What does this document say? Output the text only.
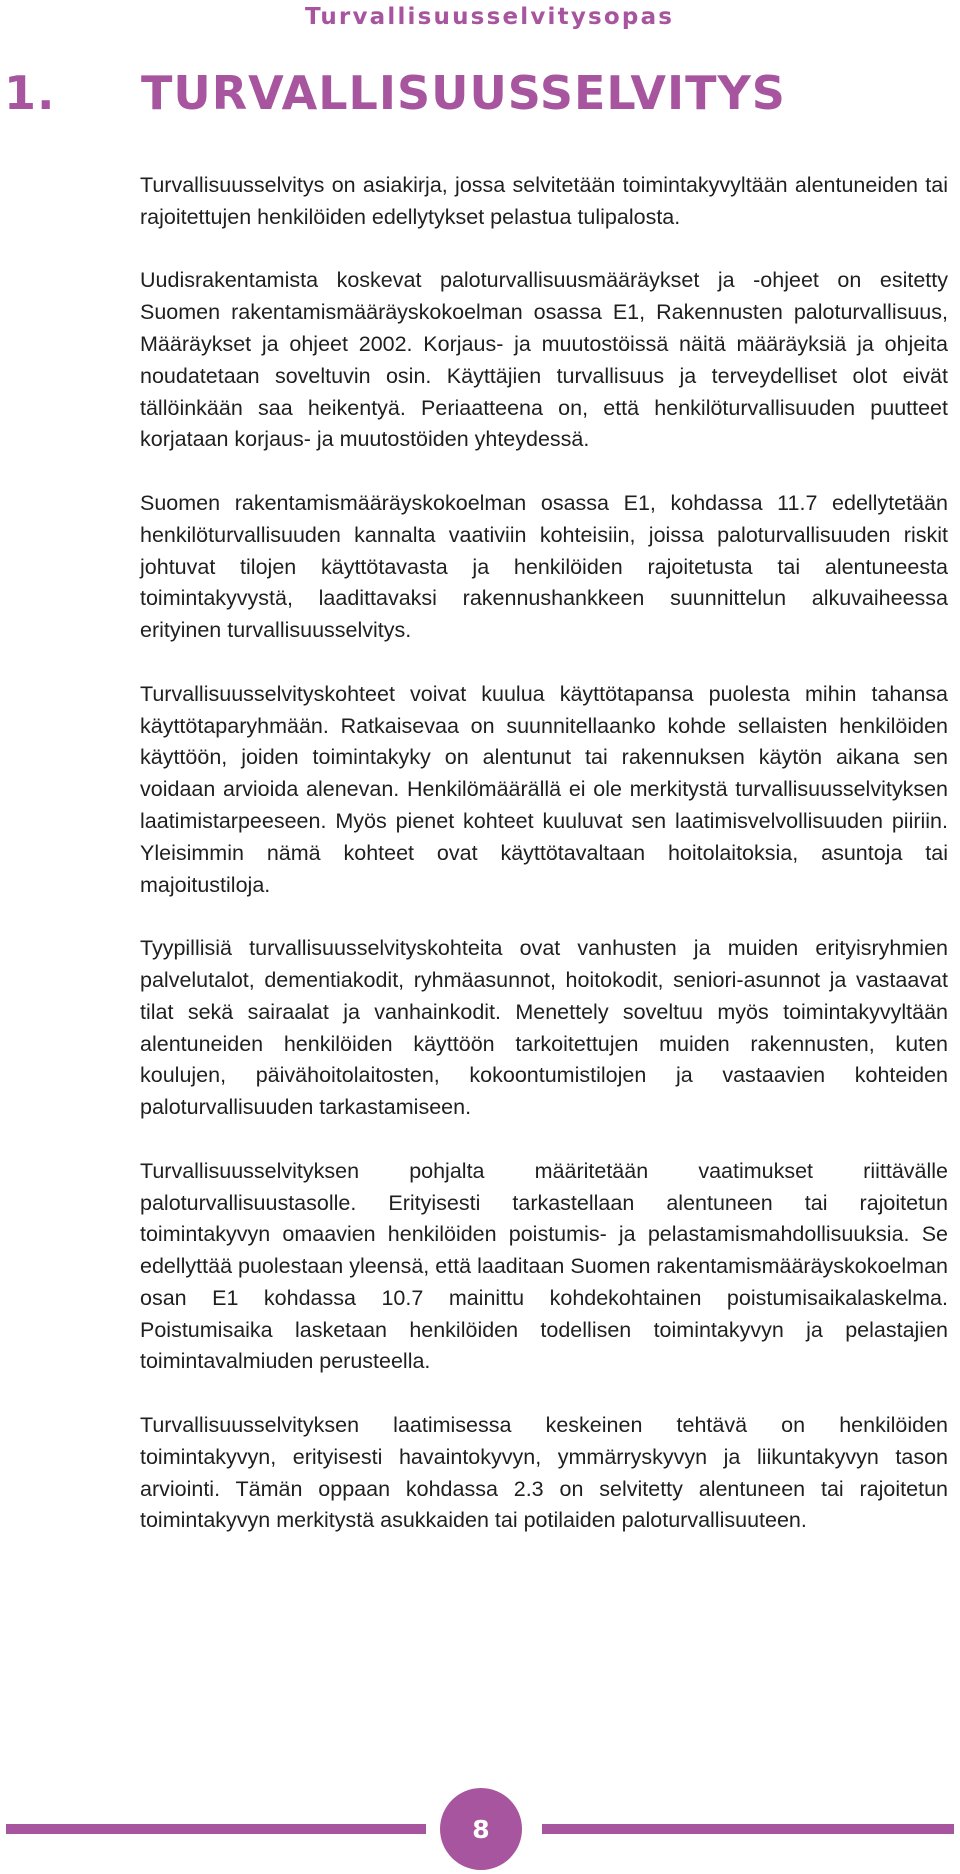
Turvallisuusselvitysopas
1. TURVALLISUUSSELVITYS

Turvallisuusselvitys on asiakirja, jossa selvitetään toimintakyvyltään alentuneiden tai rajoitettujen henkilöiden edellytykset pelastua tulipalosta.

Uudisrakentamista koskevat paloturvallisuusmääräykset ja -ohjeet on esitetty Suomen rakentamismääräyskokoelman osassa E1, Rakennusten paloturvallisuus, Määräykset ja ohjeet 2002. Korjaus- ja muutostöissä näitä määräyksiä ja ohjeita noudatetaan soveltuvin osin. Käyttäjien turvallisuus ja terveydelliset olot eivät tällöinkään saa heikentyä. Periaatteena on, että henkilöturvallisuuden puutteet korjataan korjaus- ja muutostöiden yhteydessä.

Suomen rakentamismääräyskokoelman osassa E1, kohdassa 11.7 edellytetään henkilöturvallisuuden kannalta vaativiin kohteisiin, joissa paloturvallisuuden riskit johtuvat tilojen käyttötavasta ja henkilöiden rajoitetusta tai alentuneesta toimintakyvystä, laadittavaksi rakennushankkeen suunnittelun alkuvaiheessa erityinen turvallisuusselvitys.

Turvallisuusselvityskohteet voivat kuulua käyttötapansa puolesta mihin tahansa käyttötaparyhmään. Ratkaisevaa on suunnitellaanko kohde sellaisten henkilöiden käyttöön, joiden toimintakyky on alentunut tai rakennuksen käytön aikana sen voidaan arvioida alenevan. Henkilömäärällä ei ole merkitystä turvallisuusselvityksen laatimistarpeeseen. Myös pienet kohteet kuuluvat sen laatimisvelvollisuuden piiriin. Yleisimmin nämä kohteet ovat käyttötavaltaan hoitolaitoksia, asuntoja tai majoitustiloja.

Tyypillisiä turvallisuusselvityskohteita ovat vanhusten ja muiden erityisryhmien palvelutalot, dementiakodit, ryhmäasunnot, hoitokodit, seniori-asunnot ja vastaavat tilat sekä sairaalat ja vanhainkodit. Menettely soveltuu myös toimintakyvyltään alentuneiden henkilöiden käyttöön tarkoitettujen muiden rakennusten, kuten koulujen, päivähoitolaitosten, kokoontumistilojen ja vastaavien kohteiden paloturvallisuuden tarkastamiseen.

Turvallisuusselvityksen pohjalta määritetään vaatimukset riittävälle paloturvallisuustasolle. Erityisesti tarkastellaan alentuneen tai rajoitetun toimintakyvyn omaavien henkilöiden poistumis- ja pelastamismahdollisuuksia. Se edellyttää puolestaan yleensä, että laaditaan Suomen rakentamismääräyskokoelman osan E1 kohdassa 10.7 mainittu kohdekohtainen poistumisaikalaskelma. Poistumisaika lasketaan henkilöiden todellisen toimintakyvyn ja pelastajien toimintavalmiuden perusteella.

Turvallisuusselvityksen laatimisessa keskeinen tehtävä on henkilöiden toimintakyvyn, erityisesti havaintokyvyn, ymmärryskyvyn ja liikuntakyvyn tason arviointi. Tämän oppaan kohdassa 2.3 on selvitetty alentuneen tai rajoitetun toimintakyvyn merkitystä asukkaiden tai potilaiden paloturvallisuuteen.

8
